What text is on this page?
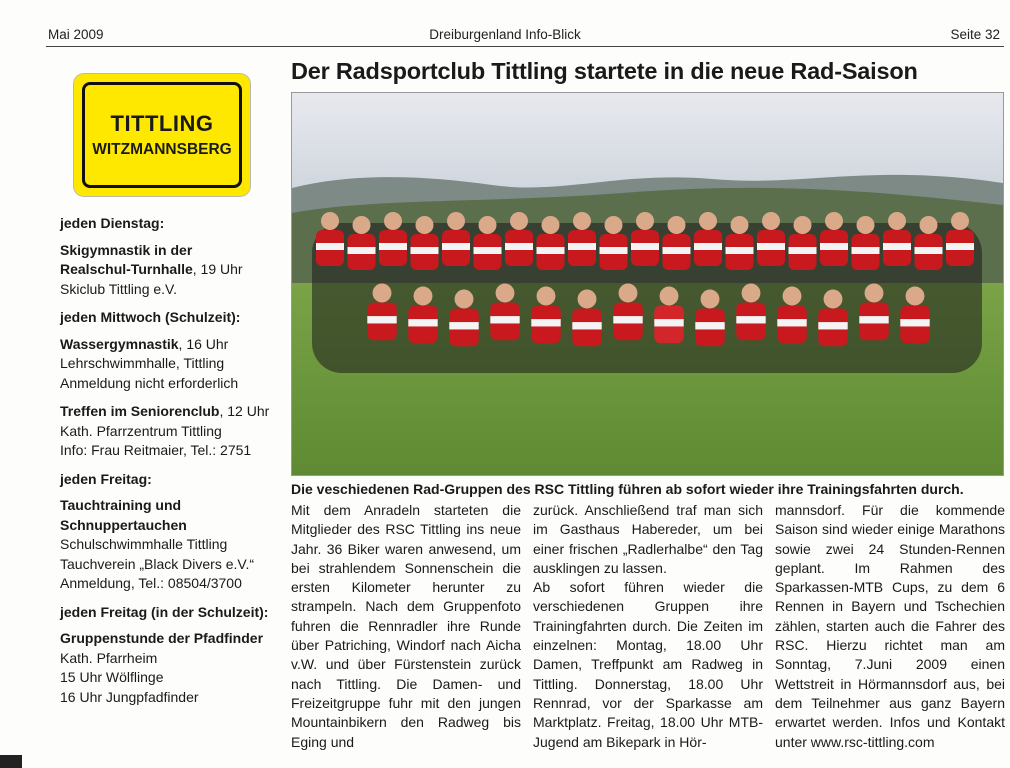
Mai 2009	Dreiburgenland Info-Blick	Seite 32
TITTLING
WITZMANNSBERG
jeden Dienstag:
Skigymnastik in der
Realschul-Turnhalle, 19 Uhr
Skiclub Tittling e.V.
jeden Mittwoch (Schulzeit):
Wassergymnastik, 16 Uhr
Lehrschwimmhalle, Tittling
Anmeldung nicht erforderlich
Treffen im Seniorenclub, 12 Uhr
Kath. Pfarrzentrum Tittling
Info: Frau Reitmaier, Tel.: 2751
jeden Freitag:
Tauchtraining und
Schnuppertauchen
Schulschwimmhalle Tittling
Tauchverein „Black Divers e.V.“
Anmeldung, Tel.: 08504/3700
jeden Freitag (in der Schulzeit):
Gruppenstunde der Pfadfinder
Kath. Pfarrheim
15 Uhr Wölflinge
16 Uhr Jungpfadfinder
Der Radsportclub Tittling startete in die neue Rad-Saison
Die veschiedenen Rad-Gruppen des RSC Tittling führen ab sofort wieder ihre Trainingsfahrten durch.

Mit dem Anradeln starteten die Mitglieder des RSC Tittling ins neue Jahr. 36 Biker waren anwesend, um bei strahlendem Sonnenschein die ersten Kilometer herunter zu strampeln. Nach dem Gruppenfoto fuhren die Rennradler ihre Runde über Patriching, Windorf nach Aicha v.W. und über Fürstenstein zurück nach Tittling. Die Damen- und Freizeitgruppe fuhr mit den jungen Mountainbikern den Radweg bis Eging und

zurück. Anschließend traf man sich im Gasthaus Habereder, um bei einer frischen „Radlerhalbe“ den Tag ausklingen zu lassen.

Ab sofort führen wieder die verschiedenen Gruppen ihre Trainingfahrten durch. Die Zeiten im einzelnen: Montag, 18.00 Uhr Damen, Treffpunkt am Radweg in Tittling. Donnerstag, 18.00 Uhr Rennrad, vor der Sparkasse am Marktplatz. Freitag, 18.00 Uhr MTB-Jugend am Bikepark in Hör-

mannsdorf. Für die kommende Saison sind wieder einige Marathons sowie zwei 24 Stunden-Rennen geplant. Im Rahmen des Sparkassen-MTB Cups, zu dem 6 Rennen in Bayern und Tschechien zählen, starten auch die Fahrer des RSC. Hierzu richtet man am Sonntag, 7.Juni 2009 einen Wettstreit in Hörmannsdorf aus, bei dem Teilnehmer aus ganz Bayern erwartet werden. Infos und Kontakt unter www.rsc-tittling.com
